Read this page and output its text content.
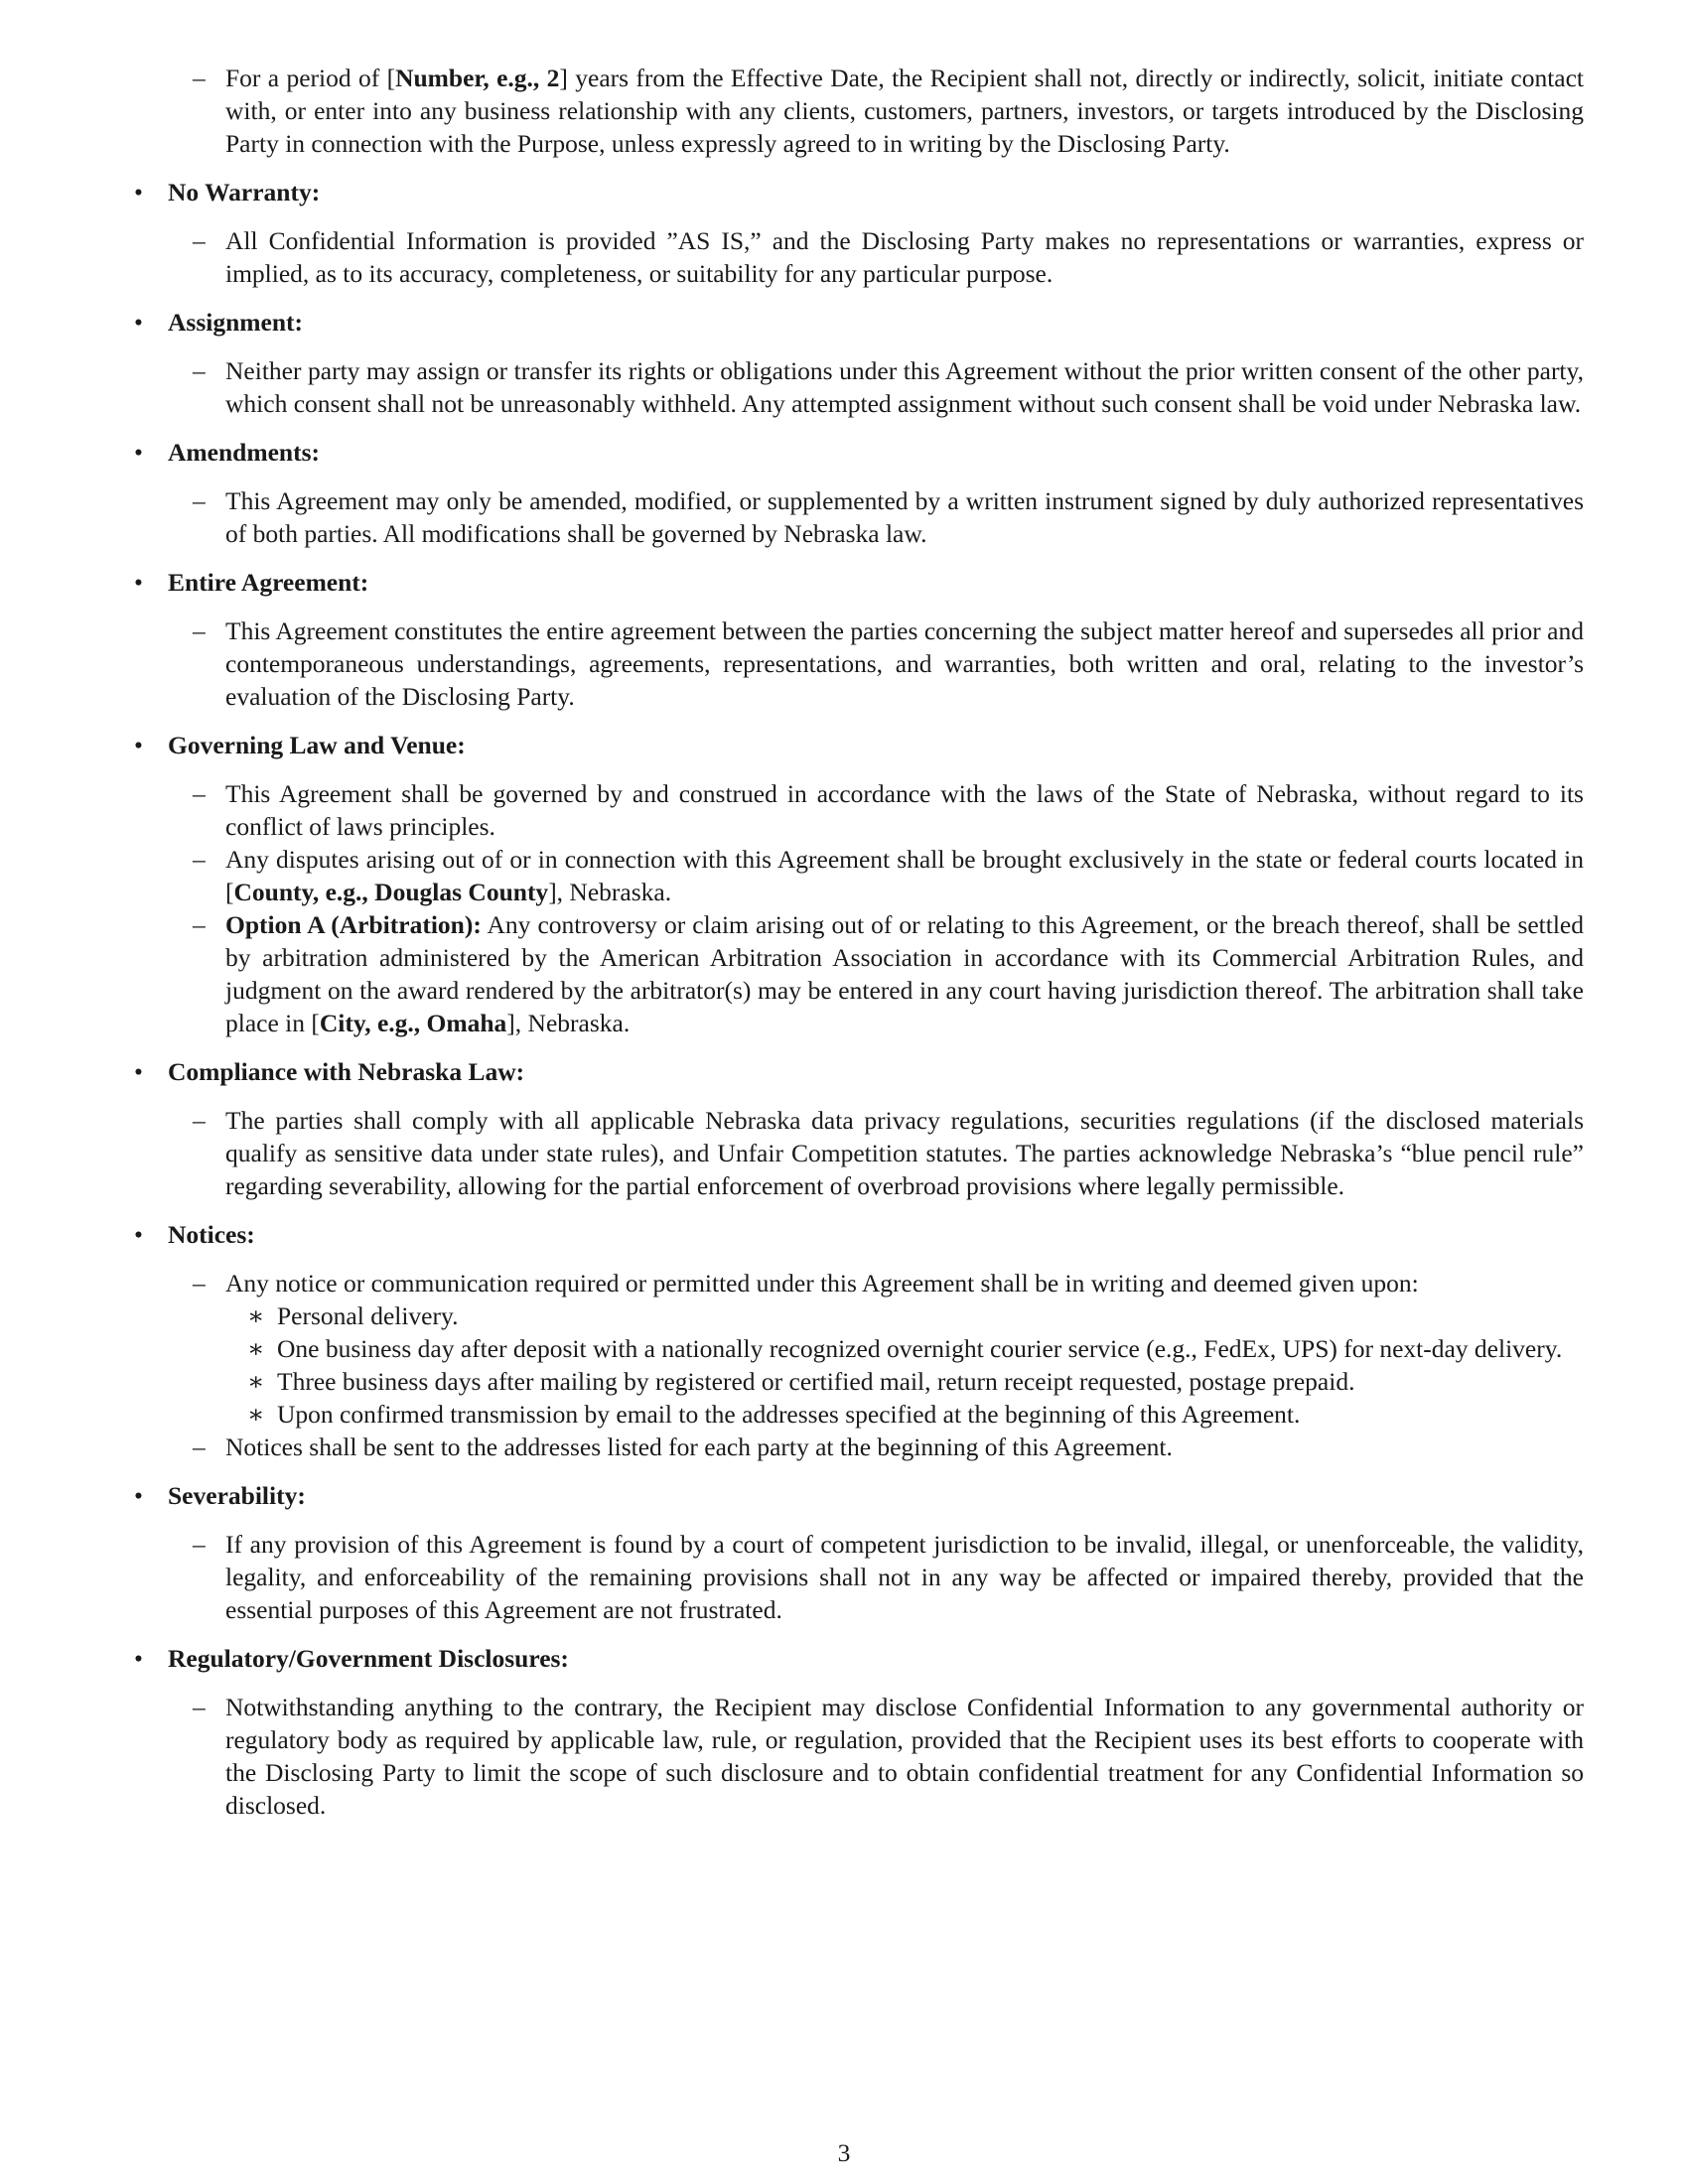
– For a period of [Number, e.g., 2] years from the Effective Date, the Recipient shall not, directly or indirectly, solicit, initiate contact with, or enter into any business relationship with any clients, customers, partners, investors, or targets introduced by the Disclosing Party in connection with the Purpose, unless expressly agreed to in writing by the Disclosing Party.
• No Warranty:
– All Confidential Information is provided ”AS IS,” and the Disclosing Party makes no representations or warranties, express or implied, as to its accuracy, completeness, or suitability for any particular purpose.
• Assignment:
– Neither party may assign or transfer its rights or obligations under this Agreement without the prior written consent of the other party, which consent shall not be unreasonably withheld. Any attempted assignment without such consent shall be void under Nebraska law.
• Amendments:
– This Agreement may only be amended, modified, or supplemented by a written instrument signed by duly authorized representatives of both parties. All modifications shall be governed by Nebraska law.
• Entire Agreement:
– This Agreement constitutes the entire agreement between the parties concerning the subject matter hereof and supersedes all prior and contemporaneous understandings, agreements, representations, and warranties, both written and oral, relating to the investor’s evaluation of the Disclosing Party.
• Governing Law and Venue:
– This Agreement shall be governed by and construed in accordance with the laws of the State of Nebraska, without regard to its conflict of laws principles.
– Any disputes arising out of or in connection with this Agreement shall be brought exclusively in the state or federal courts located in [County, e.g., Douglas County], Nebraska.
– Option A (Arbitration): Any controversy or claim arising out of or relating to this Agreement, or the breach thereof, shall be settled by arbitration administered by the American Arbitration Association in accordance with its Commercial Arbitration Rules, and judgment on the award rendered by the arbitrator(s) may be entered in any court having jurisdiction thereof. The arbitration shall take place in [City, e.g., Omaha], Nebraska.
• Compliance with Nebraska Law:
– The parties shall comply with all applicable Nebraska data privacy regulations, securities regulations (if the disclosed materials qualify as sensitive data under state rules), and Unfair Competition statutes. The parties acknowledge Nebraska’s “blue pencil rule” regarding severability, allowing for the partial enforcement of overbroad provisions where legally permissible.
• Notices:
– Any notice or communication required or permitted under this Agreement shall be in writing and deemed given upon:
∗ Personal delivery.
∗ One business day after deposit with a nationally recognized overnight courier service (e.g., FedEx, UPS) for next-day delivery.
∗ Three business days after mailing by registered or certified mail, return receipt requested, postage prepaid.
∗ Upon confirmed transmission by email to the addresses specified at the beginning of this Agreement.
– Notices shall be sent to the addresses listed for each party at the beginning of this Agreement.
• Severability:
– If any provision of this Agreement is found by a court of competent jurisdiction to be invalid, illegal, or unenforceable, the validity, legality, and enforceability of the remaining provisions shall not in any way be affected or impaired thereby, provided that the essential purposes of this Agreement are not frustrated.
• Regulatory/Government Disclosures:
– Notwithstanding anything to the contrary, the Recipient may disclose Confidential Information to any governmental authority or regulatory body as required by applicable law, rule, or regulation, provided that the Recipient uses its best efforts to cooperate with the Disclosing Party to limit the scope of such disclosure and to obtain confidential treatment for any Confidential Information so disclosed.
3
